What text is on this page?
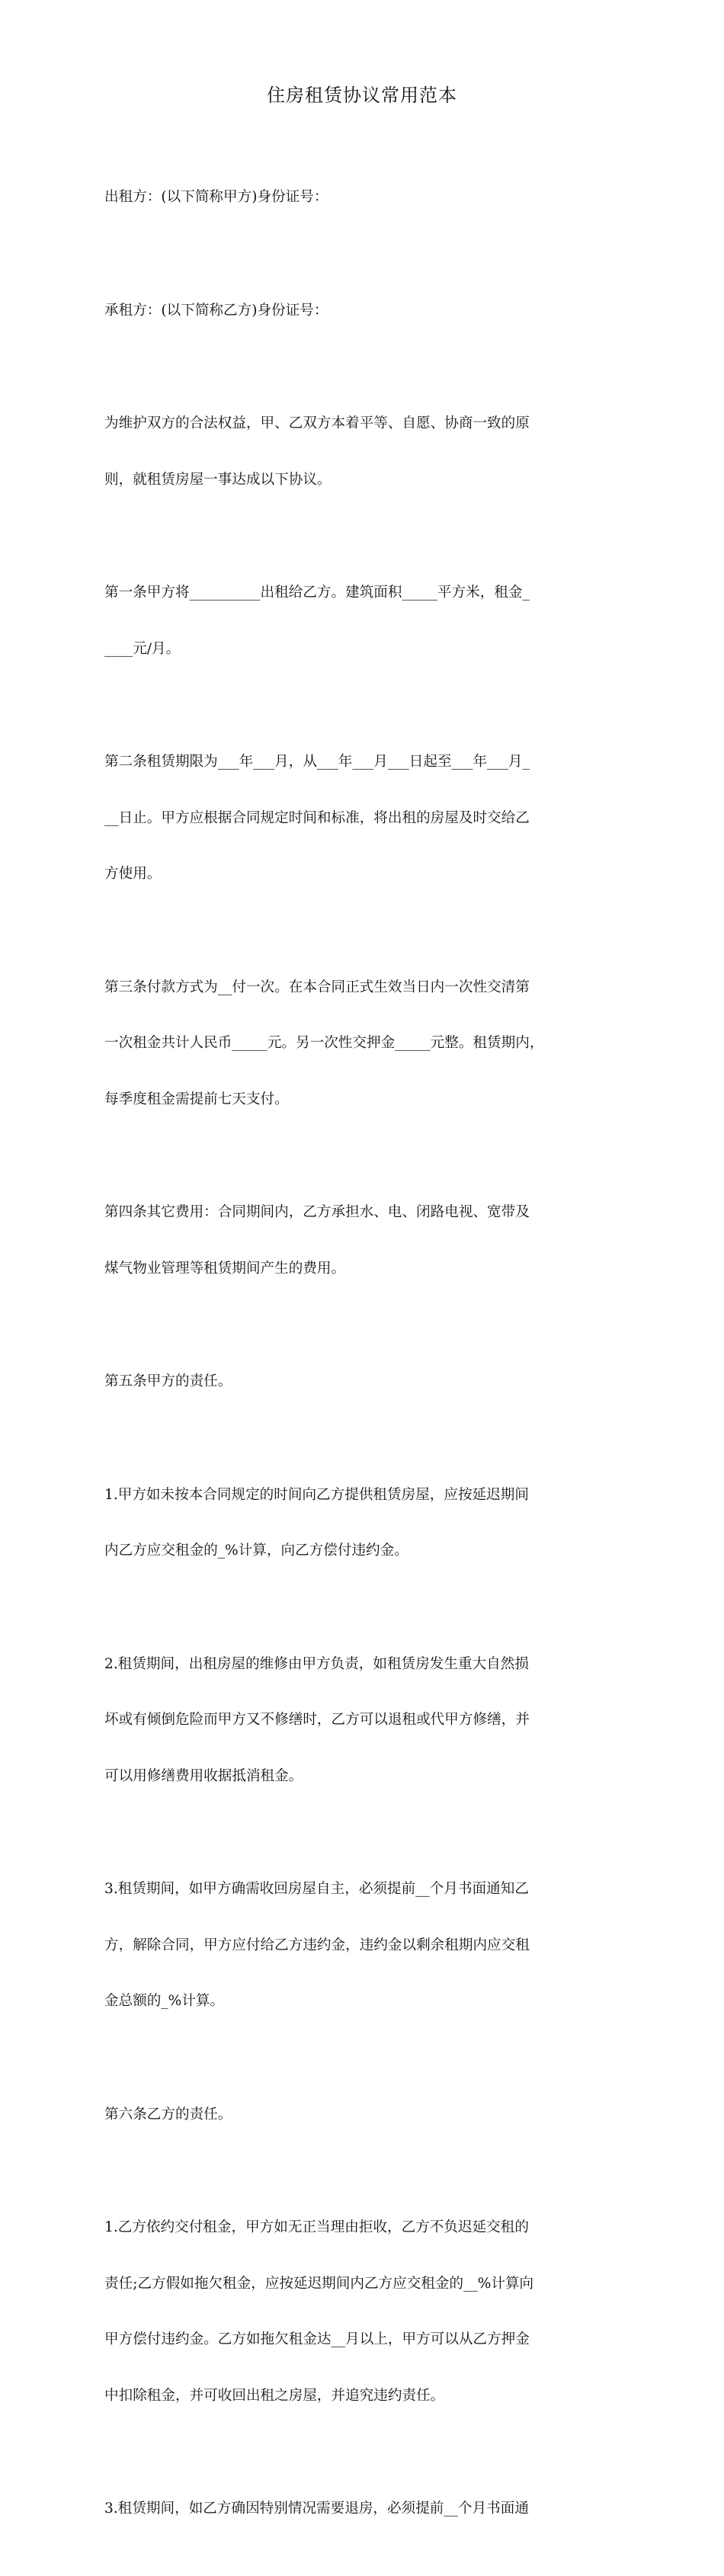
住房租赁协议常用范本

出租方：(以下简称甲方)身份证号：

承租方：(以下简称乙方)身份证号：

为维护双方的合法权益，甲、乙双方本着平等、自愿、协商一致的原

则，就租赁房屋一事达成以下协议。

第一条甲方将__________出租给乙方。建筑面积_____平方米，租金_

____元/月。

第二条租赁期限为___年___月，从___年___月___日起至___年___月_

__日止。甲方应根据合同规定时间和标准，将出租的房屋及时交给乙

方使用。

第三条付款方式为__付一次。在本合同正式生效当日内一次性交清第

一次租金共计人民币_____元。另一次性交押金_____元整。租赁期内，

每季度租金需提前七天支付。

第四条其它费用：合同期间内，乙方承担水、电、闭路电视、宽带及

煤气物业管理等租赁期间产生的费用。

第五条甲方的责任。

1.甲方如未按本合同规定的时间向乙方提供租赁房屋，应按延迟期间

内乙方应交租金的_%计算，向乙方偿付违约金。

2.租赁期间，出租房屋的维修由甲方负责，如租赁房发生重大自然损

坏或有倾倒危险而甲方又不修缮时，乙方可以退租或代甲方修缮，并

可以用修缮费用收据抵消租金。

3.租赁期间，如甲方确需收回房屋自主，必须提前__个月书面通知乙

方，解除合同，甲方应付给乙方违约金，违约金以剩余租期内应交租

金总额的_%计算。

第六条乙方的责任。

1.乙方依约交付租金，甲方如无正当理由拒收，乙方不负迟延交租的

责任;乙方假如拖欠租金，应按延迟期间内乙方应交租金的__%计算向

甲方偿付违约金。乙方如拖欠租金达__月以上，甲方可以从乙方押金

中扣除租金，并可收回出租之房屋，并追究违约责任。

3.租赁期间，如乙方确因特别情况需要退房，必须提前__个月书面通
